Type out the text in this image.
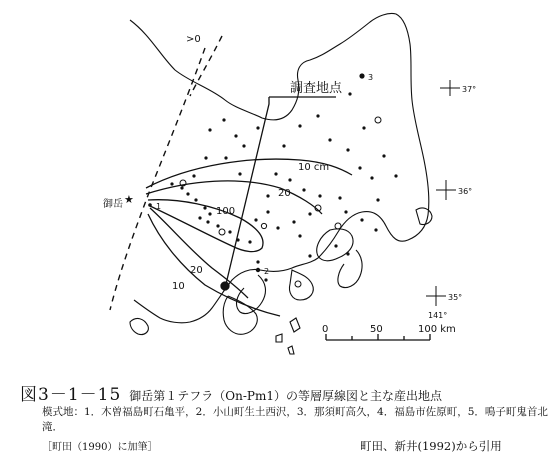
★
調査地点
御岳
10 cm
20
100
20
10
>0
1
2
3
37°
36°
35°
141°
0	50	100 km
図3－1－15 御岳第１テフラ（On-Pm1）の等層厚線図と主な産出地点
模式地：1．木曽福島町石亀平，2．小山町生土西沢，3．那須町高久，4．福島市佐原町，5．鳴子町鬼首北
滝．
［町田（1990）に加筆］	町田、新井(1992)から引用
